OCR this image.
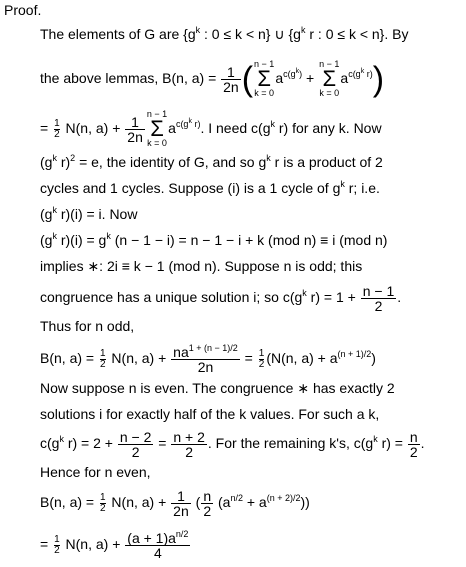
Proof.
The elements of G are {$g^k$ : 0 ≤ k < n} ∪ {$g^k$ r : 0 ≤ k < n}. By
the above lemmas, B(n, $a) = \frac{1}{2n}$ ( n − 1
Σ
k = 0
$a^{c(g^k)}$ +
n − 1
Σ
k = 0
$a^{c(g^k r)}$)
= $\frac{1}{2} N(n$, $a) + \frac{1}{2n}$
n − 1
Σ
k = 0
$a^{c(g^k r)}$. I need $c(g^k$ r) for any k. Now
($g^k$ r)$^2$ = e, the identity of G, and so $g^k$ r is a product of 2
cycles and 1 cycles. Suppose (i) is a 1 cycle of $g^k$ r; i.e.
($g^k$ r)(i) = i. Now
($g^k$ $r)(i) = g^k$ (n − 1 − i) = n − 1 − i + k (mod n) ≡ i (mod n)
implies ∗: 2i ≡ k − 1 (mod n). Suppose n is odd; this
congruence has a unique solution i; so $c(g^k$ $r) = 1 + \frac{n - 1}{2}$ .
Thus for n odd,
B(n, $a) = \frac{1}{2} N(n$, $a) + \frac{na^{1 + (n - 1)/2}}{2n} = \frac{1}{2} (N(n$, $a) + a^{(n + 1)/2}$)
Now suppose n is even. The congruence ∗ has exactly 2
solutions i for exactly half of the k values. For such a k,
$c(g^k$ $r) = 2 + \frac{n - 2}{2} = \frac{n + 2}{2}$ . For the remaining k's, $c(g^k$ $r) = \frac{n}{2}$ .
Hence for n even,
B(n, $a) = \frac{1}{2} N(n$, $a) + \frac{1}{2n}$ ( $\frac{n}{2} (a^{n/2} + a^{(n + 2)/2})$)
= $\frac{1}{2} N(n$, $a) + \frac{(a + 1)a^{n/2}}{4}$
